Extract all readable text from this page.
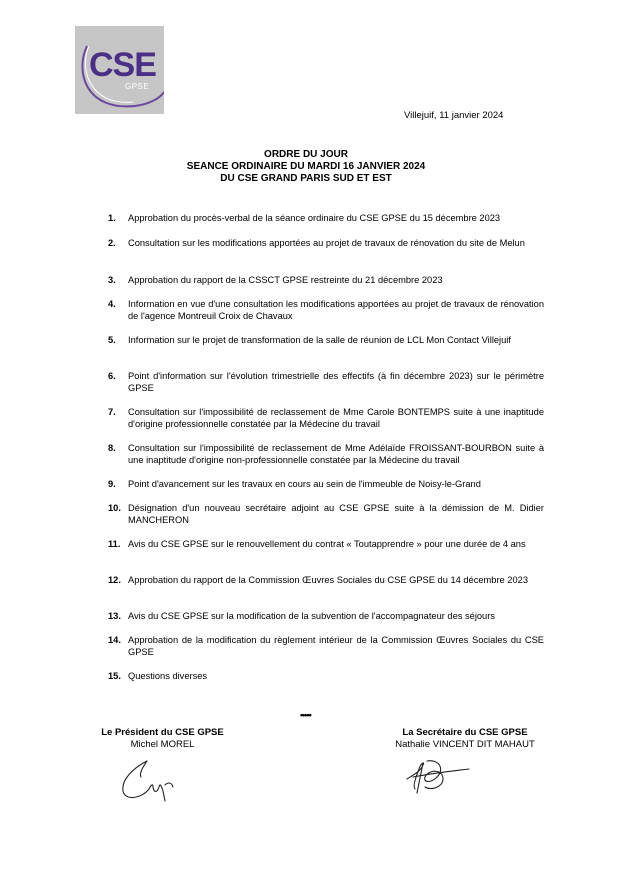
CSE
GPSE
Villejuif, 11 janvier 2024
ORDRE DU JOUR
SEANCE ORDINAIRE DU MARDI 16 JANVIER 2024
DU CSE GRAND PARIS SUD ET EST
1.	Approbation du procès-verbal de la séance ordinaire du CSE GPSE du 15 décembre 2023
2.	Consultation sur les modifications apportées au projet de travaux de rénovation du site de Melun
3.	Approbation du rapport de la CSSCT GPSE restreinte du 21 décembre 2023
4.	Information en vue d'une consultation les modifications apportées au projet de travaux de rénovation de l'agence Montreuil Croix de Chavaux
5.	Information sur le projet de transformation de la salle de réunion de LCL Mon Contact Villejuif
6.	Point d'information sur l'évolution trimestrielle des effectifs (à fin décembre 2023) sur le périmètre GPSE
7.	Consultation sur l'impossibilité de reclassement de Mme Carole BONTEMPS suite à une inaptitude d'origine professionnelle constatée par la Médecine du travail
8.	Consultation sur l'impossibilité de reclassement de Mme Adélaïde FROISSANT-BOURBON suite à une inaptitude d'origine non-professionnelle constatée par la Médecine du travail
9.	Point d'avancement sur les travaux en cours au sein de l'immeuble de Noisy-le-Grand
10. Désignation d'un nouveau secrétaire adjoint au CSE GPSE suite à la démission de M. Didier MANCHERON
11. Avis du CSE GPSE sur le renouvellement du contrat « Toutapprendre » pour une durée de 4 ans
12. Approbation du rapport de la Commission Œuvres Sociales du CSE GPSE du 14 décembre 2023
13. Avis du CSE GPSE sur la modification de la subvention de l'accompagnateur des séjours
14. Approbation de la modification du règlement intérieur de la Commission Œuvres Sociales du CSE GPSE
15. Questions diverses
•••••
Le Président du CSE GPSE
Michel MOREL
La Secrétaire du CSE GPSE
Nathalie VINCENT DIT MAHAUT
